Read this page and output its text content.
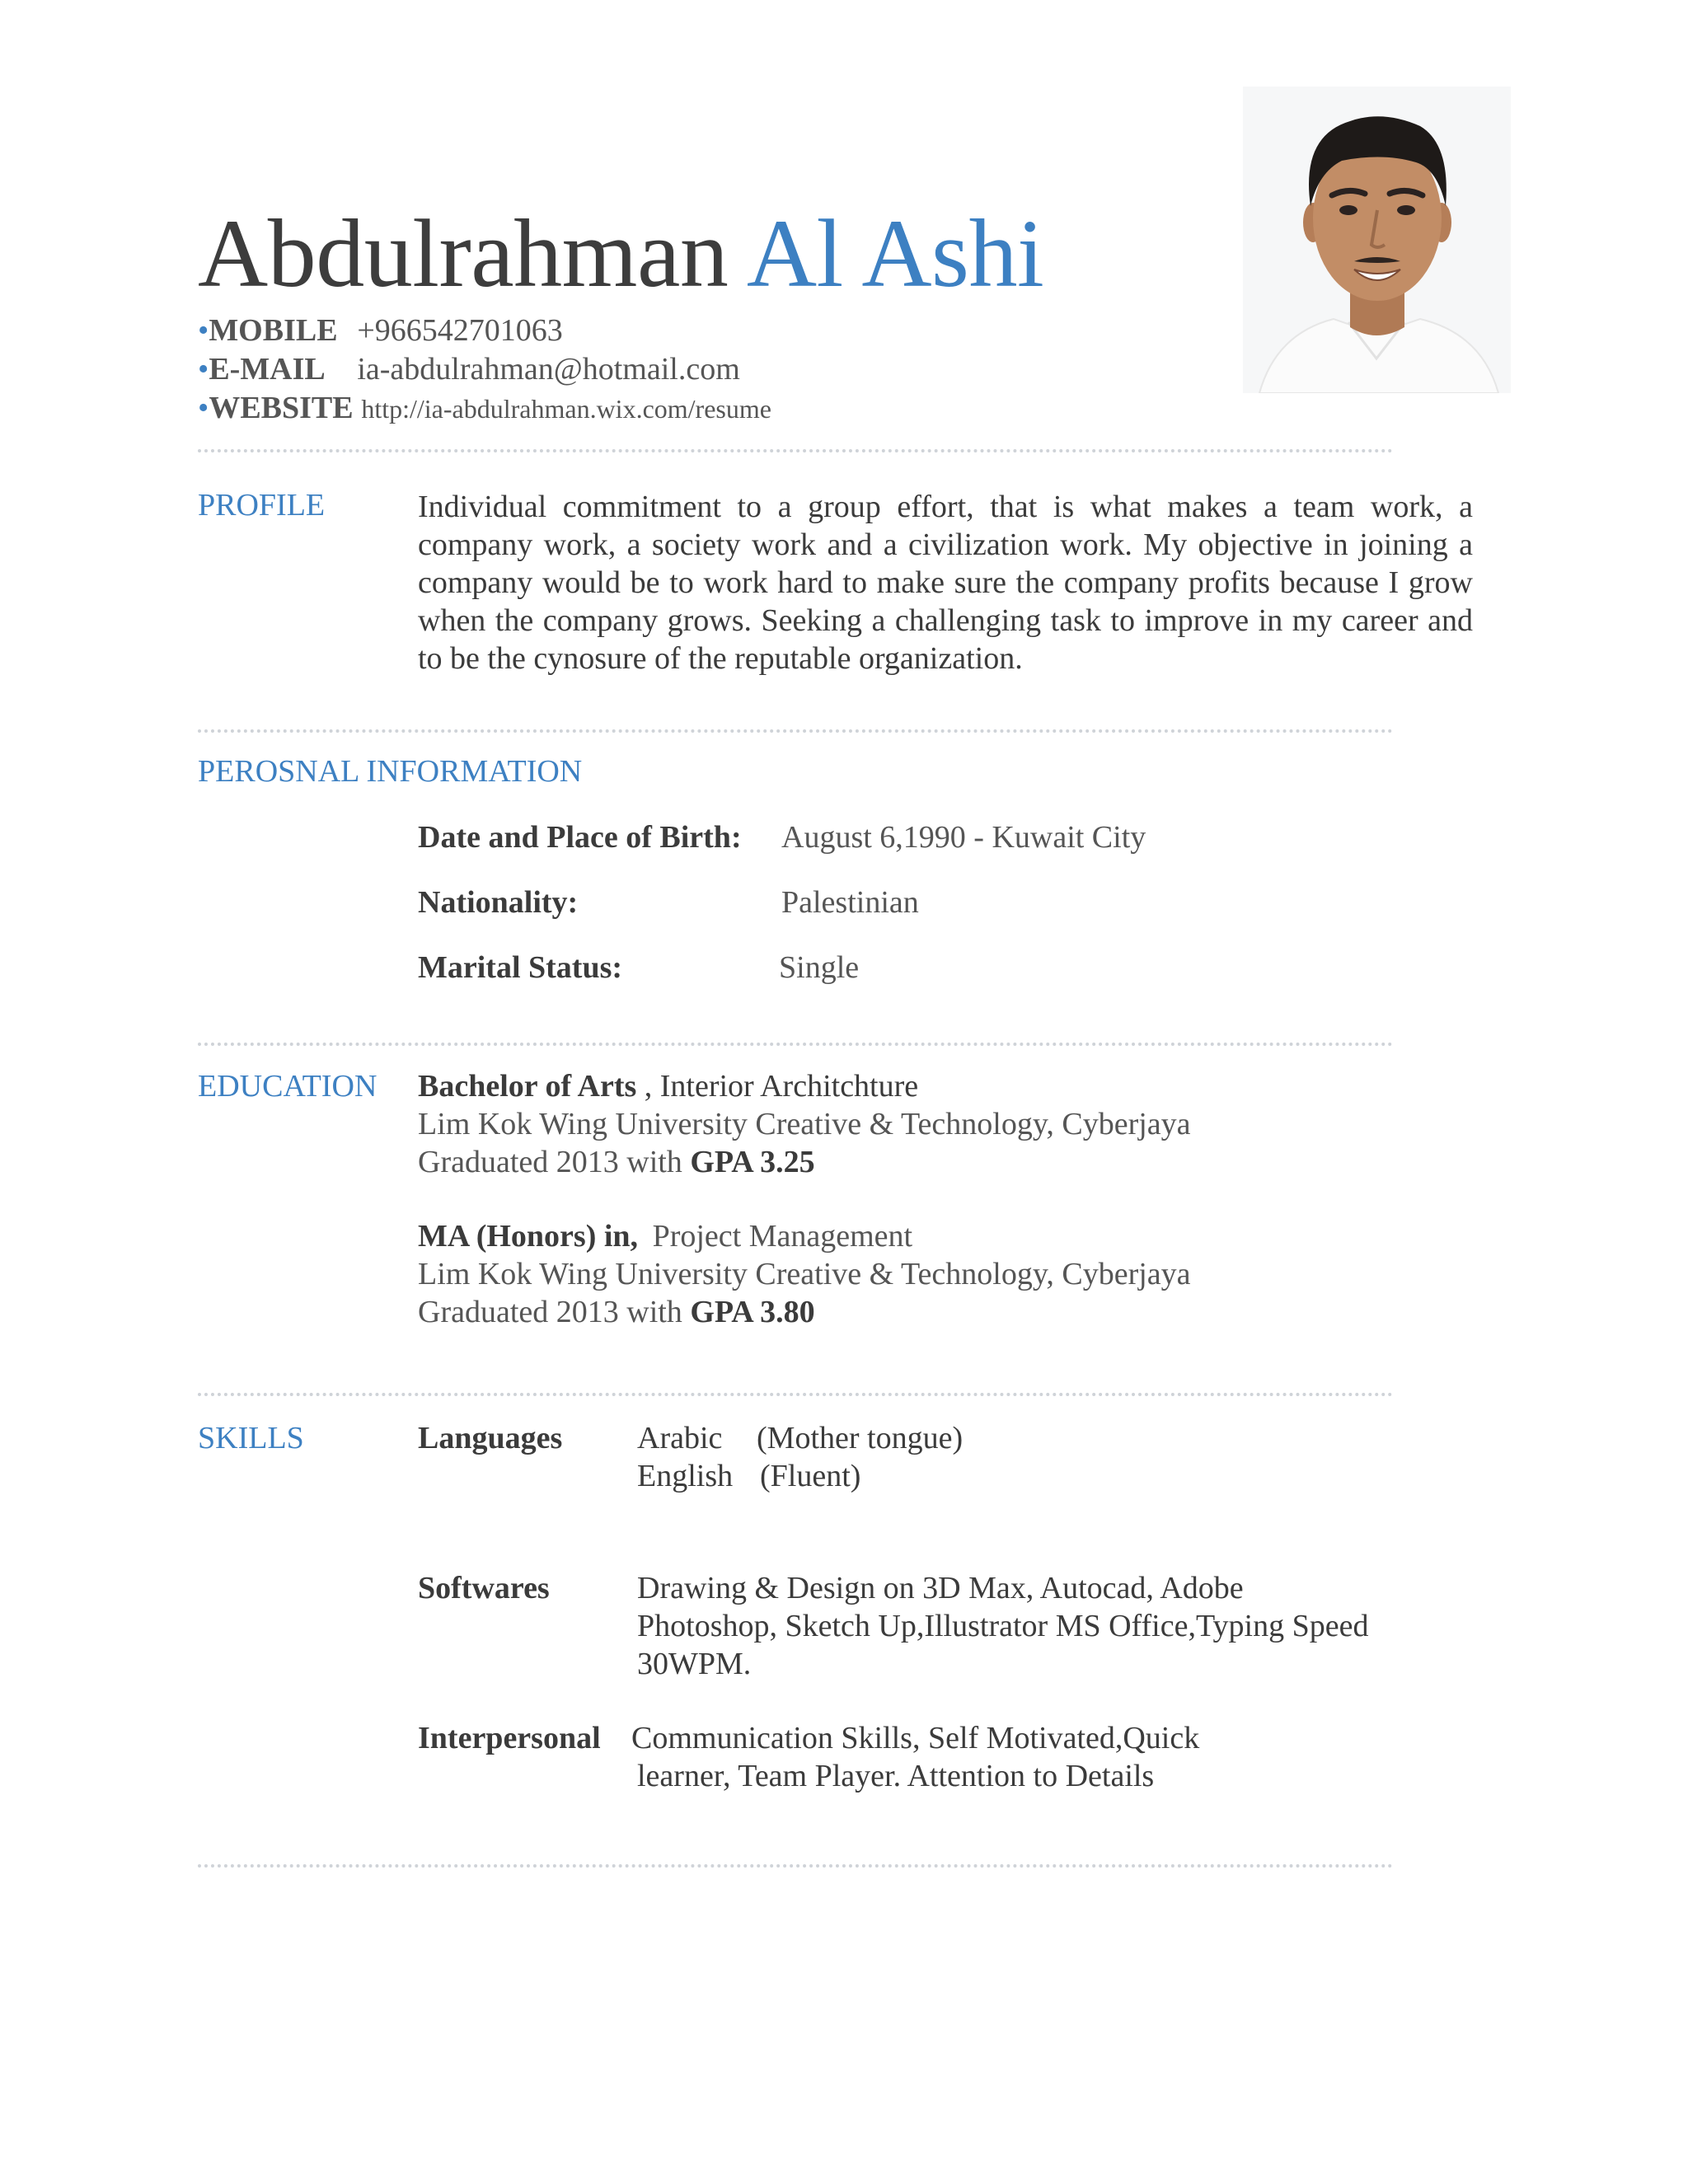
Abdulrahman Al Ashi
•MOBILE +966542701063
•E-MAIL ia-abdulrahman@hotmail.com
•WEBSITE http://ia-abdulrahman.wix.com/resume
PROFILE	Individual commitment to a group effort, that is what makes a team work, a company work, a society work and a civilization work. My objective in joining a company would be to work hard to make sure the company profits because I grow when the company grows. Seeking a challenging task to improve in my career and to be the cynosure of the reputable organization.
PEROSNAL INFORMATION
Date and Place of Birth: August 6,1990 - Kuwait City
Nationality:	Palestinian
Marital Status:	Single
EDUCATION Bachelor of Arts , Interior Architchture
Lim Kok Wing University Creative & Technology, Cyberjaya
Graduated 2013 with GPA 3.25
MA (Honors) in, Project Management
Lim Kok Wing University Creative & Technology, Cyberjaya
Graduated 2013 with GPA 3.80
SKILLS	Languages Arabic (Mother tongue)
English (Fluent)
Softwares	Drawing & Design on 3D Max, Autocad, Adobe
Photoshop, Sketch Up,Illustrator MS Office,Typing Speed
30WPM.
Interpersonal Communication Skills, Self Motivated,Quick
learner, Team Player. Attention to Details
